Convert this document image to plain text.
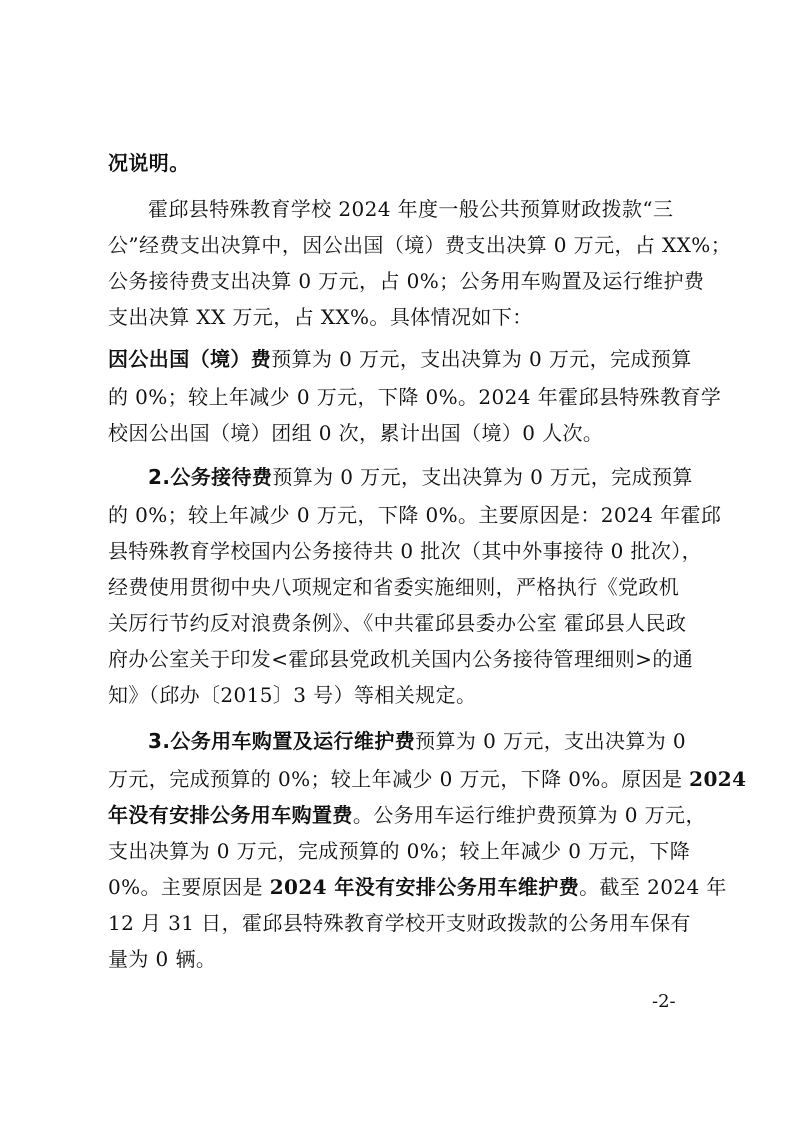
况说明。
霍邱县特殊教育学校 2024 年度一般公共预算财政拨款“三
公”经费支出决算中，因公出国（境）费支出决算 0 万元，占 XX%；
公务接待费支出决算 0 万元，占 0%；公务用车购置及运行维护费
支出决算 XX 万元，占 XX%。具体情况如下：
因公出国（境）费预算为 0 万元，支出决算为 0 万元，完成预算
的 0%；较上年减少 0 万元，下降 0%。2024 年霍邱县特殊教育学
校因公出国（境）团组 0 次，累计出国（境）0 人次。
2.公务接待费预算为 0 万元，支出决算为 0 万元，完成预算
的 0%；较上年减少 0 万元，下降 0%。主要原因是：2024 年霍邱
县特殊教育学校国内公务接待共 0 批次（其中外事接待 0 批次），
经费使用贯彻中央八项规定和省委实施细则，严格执行《党政机
关厉行节约反对浪费条例》、《中共霍邱县委办公室 霍邱县人民政
府办公室关于印发<霍邱县党政机关国内公务接待管理细则>的通
知》（邱办〔2015〕3 号）等相关规定。
3.公务用车购置及运行维护费预算为 0 万元，支出决算为 0
万元，完成预算的 0%；较上年减少 0 万元，下降 0%。原因是 2024
年没有安排公务用车购置费。公务用车运行维护费预算为 0 万元，
支出决算为 0 万元，完成预算的 0%；较上年减少 0 万元，下降
0%。主要原因是 2024 年没有安排公务用车维护费。截至 2024 年
12 月 31 日，霍邱县特殊教育学校开支财政拨款的公务用车保有
量为 0 辆。
-2-
